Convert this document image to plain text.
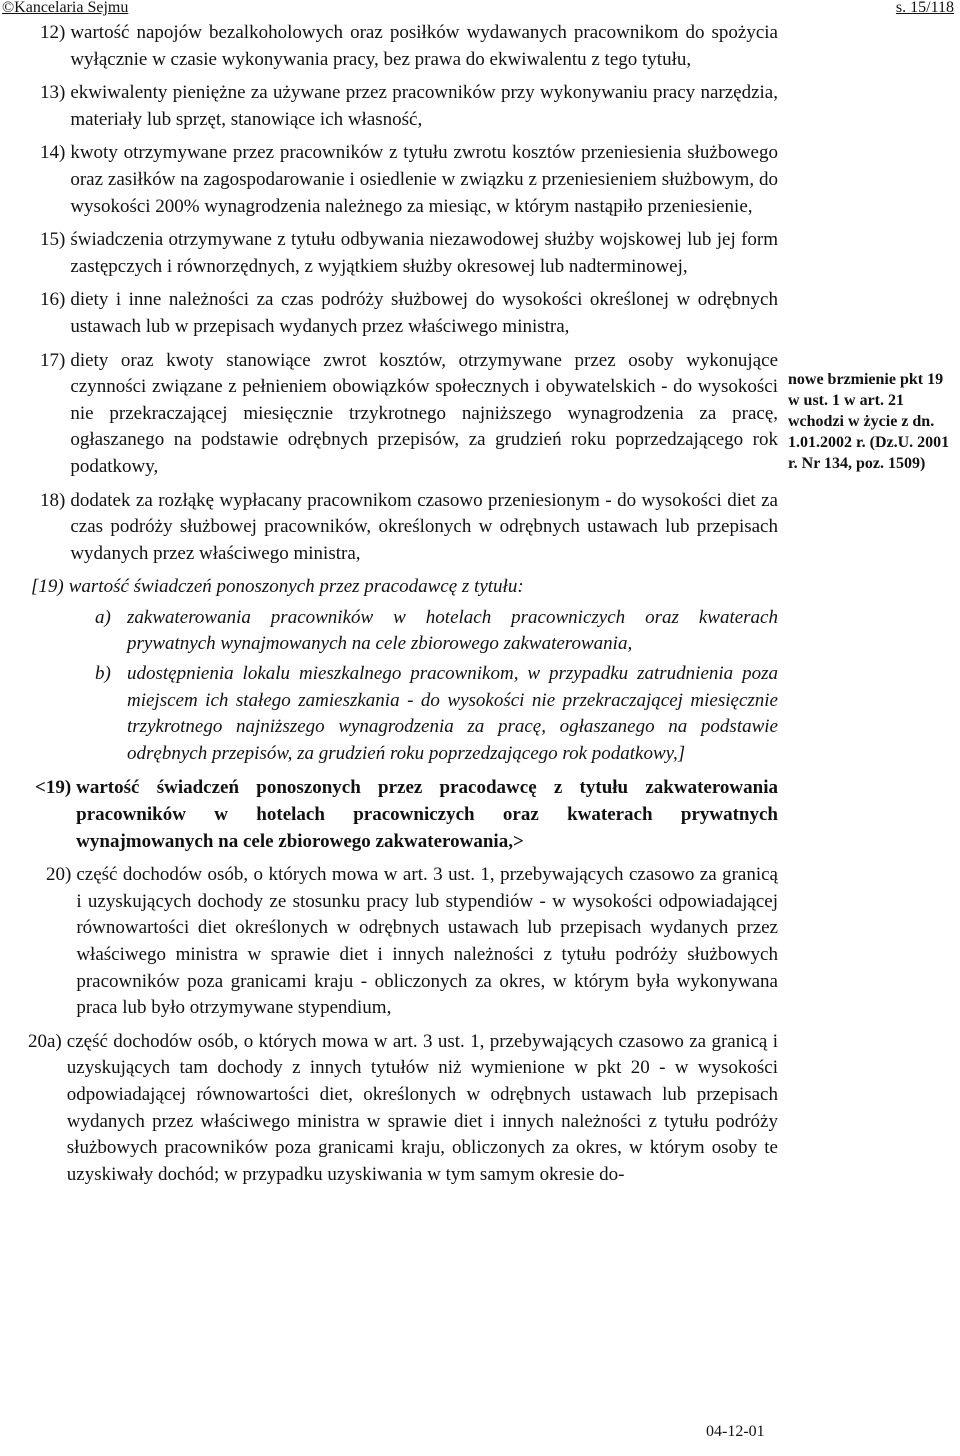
©Kancelaria Sejmu	s. 15/118
12) wartość napojów bezalkoholowych oraz posiłków wydawanych pracownikom do spożycia wyłącznie w czasie wykonywania pracy, bez prawa do ekwiwalentu z tego tytułu,
13) ekwiwalenty pieniężne za używane przez pracowników przy wykonywaniu pracy narzędzia, materiały lub sprzęt, stanowiące ich własność,
14) kwoty otrzymywane przez pracowników z tytułu zwrotu kosztów przeniesienia służbowego oraz zasiłków na zagospodarowanie i osiedlenie w związku z przeniesieniem służbowym, do wysokości 200% wynagrodzenia należnego za miesiąc, w którym nastąpiło przeniesienie,
15) świadczenia otrzymywane z tytułu odbywania niezawodowej służby wojskowej lub jej form zastępczych i równorzędnych, z wyjątkiem służby okresowej lub nadterminowej,
16) diety i inne należności za czas podróży służbowej do wysokości określonej w odrębnych ustawach lub w przepisach wydanych przez właściwego ministra,
17) diety oraz kwoty stanowiące zwrot kosztów, otrzymywane przez osoby wykonujące czynności związane z pełnieniem obowiązków społecznych i obywatelskich - do wysokości nie przekraczającej miesięcznie trzykrotnego najniższego wynagrodzenia za pracę, ogłaszanego na podstawie odrębnych przepisów, za grudzień roku poprzedzającego rok podatkowy,
18) dodatek za rozłąkę wypłacany pracownikom czasowo przeniesionym - do wysokości diet za czas podróży służbowej pracowników, określonych w odrębnych ustawach lub przepisach wydanych przez właściwego ministra,
[19) wartość świadczeń ponoszonych przez pracodawcę z tytułu:
a) zakwaterowania pracowników w hotelach pracowniczych oraz kwaterach prywatnych wynajmowanych na cele zbiorowego zakwaterowania,
b) udostępnienia lokalu mieszkalnego pracownikom, w przypadku zatrudnienia poza miejscem ich stałego zamieszkania - do wysokości nie przekraczającej miesięcznie trzykrotnego najniższego wynagrodzenia za pracę, ogłaszanego na podstawie odrębnych przepisów, za grudzień roku poprzedzającego rok podatkowy,]
<19) wartość świadczeń ponoszonych przez pracodawcę z tytułu zakwaterowania pracowników w hotelach pracowniczych oraz kwaterach prywatnych wynajmowanych na cele zbiorowego zakwaterowania,>
20) część dochodów osób, o których mowa w art. 3 ust. 1, przebywających czasowo za granicą i uzyskujących dochody ze stosunku pracy lub stypendiów - w wysokości odpowiadającej równowartości diet określonych w odrębnych ustawach lub przepisach wydanych przez właściwego ministra w sprawie diet i innych należności z tytułu podróży służbowych pracowników poza granicami kraju - obliczonych za okres, w którym była wykonywana praca lub było otrzymywane stypendium,
20a) część dochodów osób, o których mowa w art. 3 ust. 1, przebywających czasowo za granicą i uzyskujących tam dochody z innych tytułów niż wymienione w pkt 20 - w wysokości odpowiadającej równowartości diet, określonych w odrębnych ustawach lub przepisach wydanych przez właściwego ministra w sprawie diet i innych należności z tytułu podróży służbowych pracowników poza granicami kraju, obliczonych za okres, w którym osoby te uzyskiwały dochód; w przypadku uzyskiwania w tym samym okresie do-
nowe brzmienie pkt 19 w ust. 1 w art. 21 wchodzi w życie z dn. 1.01.2002 r. (Dz.U. 2001 r. Nr 134, poz. 1509)
04-12-01
